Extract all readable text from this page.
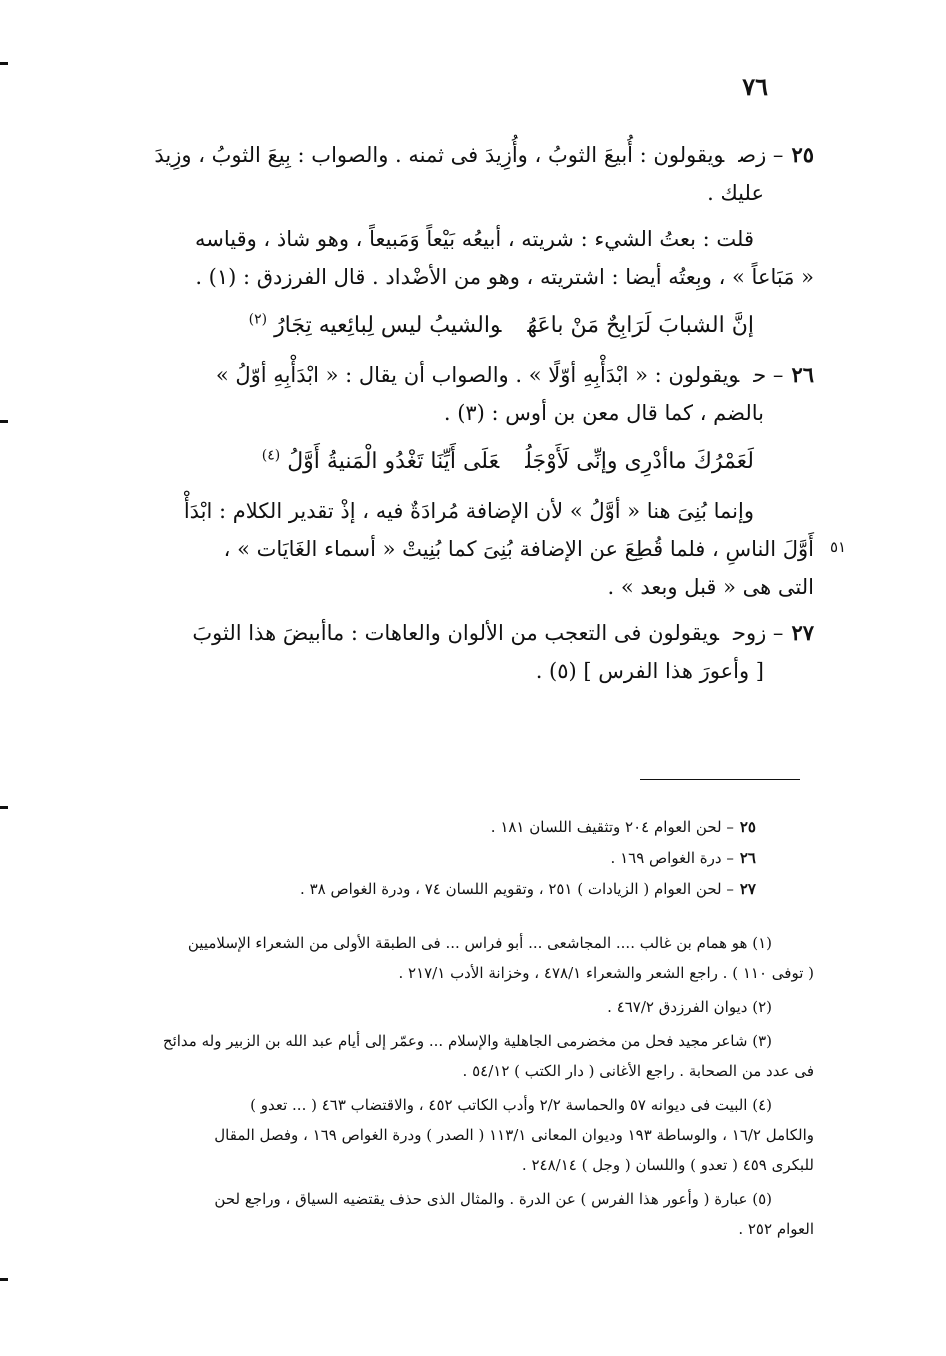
٧٦
٥١
٢٥– زصويقولون : أُبيعَ الثوبُ ، وأُزِيدَ فى ثمنه . والصواب : بِيعَ الثوبُ ، وزِيدَ
عليك .
قلت : بعتُ الشيء : شريته ، أبيعُه بَيْعاً وَمَبيعاً ، وهو شاذ ، وقياسه
« مَبَاعاً » ، وبِعتُه أيضا : اشتريته ، وهو من الأضْداد . قال الفرزدق : (١) .
إنَّ الشبابَ لَرَابِحٌ مَنْ باعَهُوالشيبُ ليس لِبائِعيه تِجَارُ $^{(٢)}$
٢٦– حويقولون : « ابْدَأْبِهِ أوّلًا » . والصواب أن يقال : « ابْدَأْبِهِ أوّلُ »
بالضم ، كما قال معن بن أوس : (٣) .
لَعَمْرُكَ ماأدْرِى وإنِّى لَأَوْجَلُعَلَى أَيِّنَا تَغْدُو الْمَنيةُ أَوَّلُ $^{(٤)}$
وإنما بُنِىَ هنا « أوَّلُ » لأن الإضافة مُرادَةٌ فيه ، إذْ تقدير الكلام : ابْدَأْ
أَوَّلَ الناسِ ، فلما قُطِعَ عن الإضافة بُنِىَ كما بُنِيتْ « أسماء الغَايَات » ،
التى هى « قبل وبعد » .
٢٧– زوحويقولون فى التعجب من الألوان والعاهات : ماأبيضَ هذا الثوبَ
[ وأعورَ هذا الفرس ] (٥) .
٢٥– لحن العوام ٢٠٤ وتثقيف اللسان ١٨١ .
٢٦– درة الغواص ١٦٩ .
٢٧– لحن العوام ( الزيادات ) ٢٥١ ، وتقويم اللسان ٧٤ ، ودرة الغواص ٣٨ .
(١) هو همام بن غالب .... المجاشعى ... أبو فراس ... فى الطبقة الأولى من الشعراء الإسلاميين
( توفى ١١٠ ) . راجع الشعر والشعراء ٤٧٨/١ ، وخزانة الأدب ٢١٧/١ .
(٢) ديوان الفرزدق ٤٦٧/٢ .
(٣) شاعر مجيد فحل من مخضرمى الجاهلية والإسلام ... وعمّر إلى أيام عبد الله بن الزبير وله مدائح
فى عدد من الصحابة . راجع الأغانى ( دار الكتب ) ٥٤/١٢ .
(٤) البيت فى ديوانه ٥٧ والحماسة ٢/٢ وأدب الكاتب ٤٥٢ ، والاقتضاب ٤٦٣ ( ... تعدو )
والكامل ١٦/٢ ، والوساطة ١٩٣ وديوان المعانى ١١٣/١ ( الصدر ) ودرة الغواص ١٦٩ ، وفصل المقال
للبكرى ٤٥٩ ( تعدو ) واللسان ( وجل ) ٢٤٨/١٤ .
(٥) عبارة ( وأعور هذا الفرس ) عن الدرة . والمثال الذى حذف يقتضيه السياق ، وراجع لحن
العوام ٢٥٢ .
